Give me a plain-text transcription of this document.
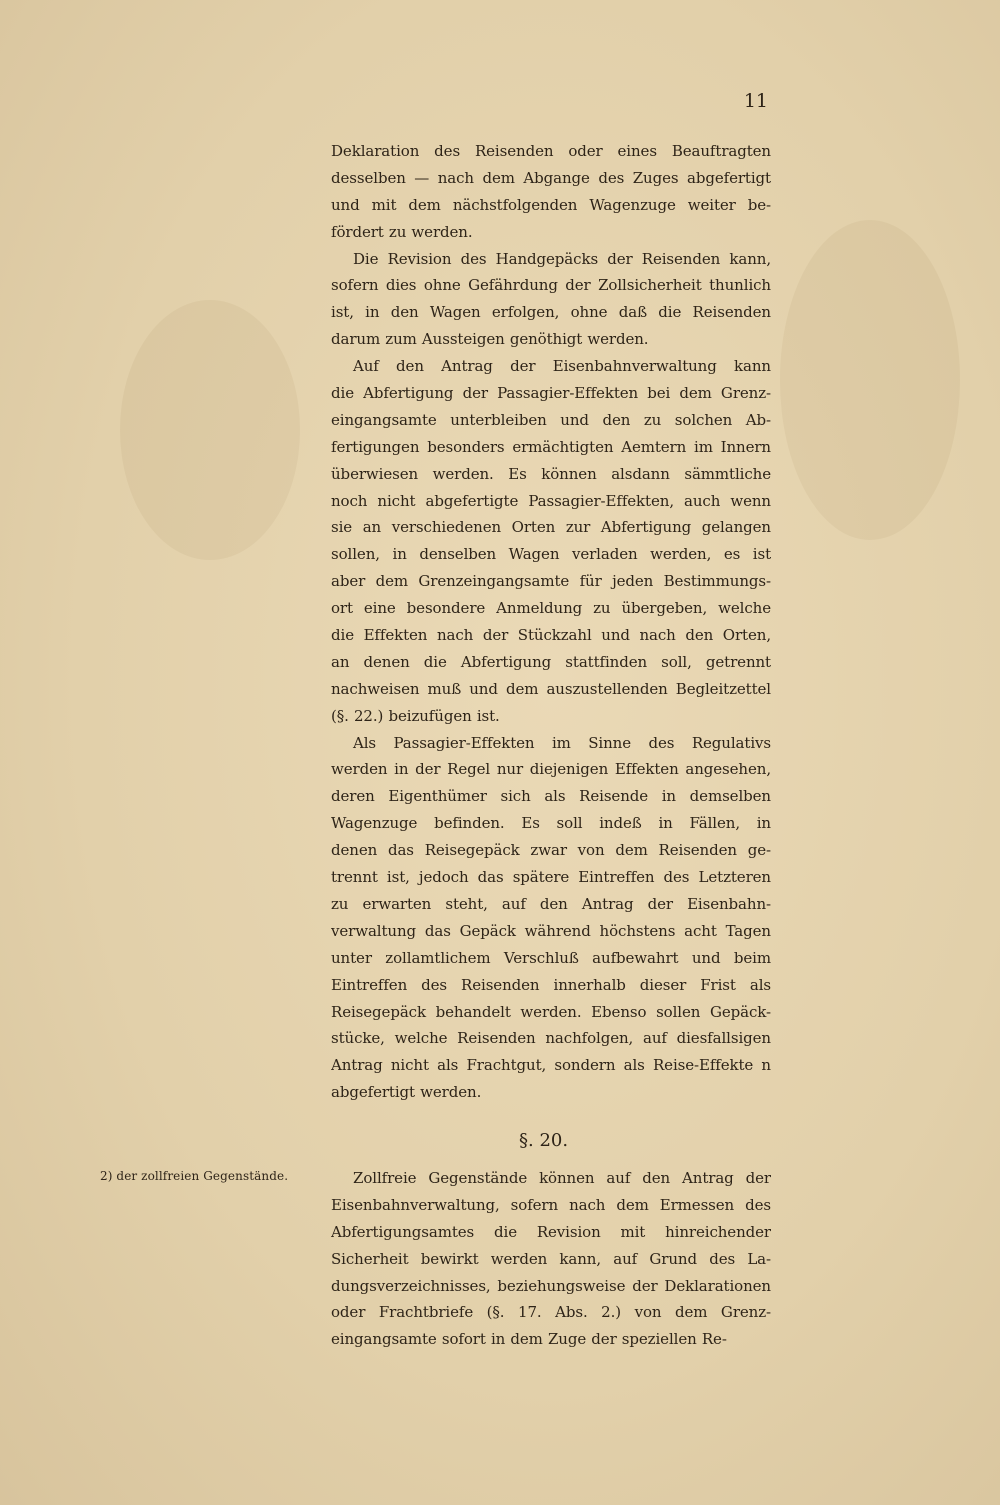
11
Deklaration des Reisenden oder eines Beauftragten
desselben — nach dem Abgange des Zuges abgefertigt
und mit dem nächstfolgenden Wagenzuge weiter be-
fördert zu werden.
Die Revision des Handgepäcks der Reisenden kann,
sofern dies ohne Gefährdung der Zollsicherheit thunlich
ist, in den Wagen erfolgen, ohne daß die Reisenden
darum zum Aussteigen genöthigt werden.
Auf den Antrag der Eisenbahnverwaltung kann
die Abfertigung der Passagier-Effekten bei dem Grenz-
eingangsamte unterbleiben und den zu solchen Ab-
fertigungen besonders ermächtigten Aemtern im Innern
überwiesen werden. Es können alsdann sämmtliche
noch nicht abgefertigte Passagier-Effekten, auch wenn
sie an verschiedenen Orten zur Abfertigung gelangen
sollen, in denselben Wagen verladen werden, es ist
aber dem Grenzeingangsamte für jeden Bestimmungs-
ort eine besondere Anmeldung zu übergeben, welche
die Effekten nach der Stückzahl und nach den Orten,
an denen die Abfertigung stattfinden soll, getrennt
nachweisen muß und dem auszustellenden Begleitzettel
(§. 22.) beizufügen ist.
Als Passagier-Effekten im Sinne des Regulativs
werden in der Regel nur diejenigen Effekten angesehen,
deren Eigenthümer sich als Reisende in demselben
Wagenzuge befinden. Es soll indeß in Fällen, in
denen das Reisegepäck zwar von dem Reisenden ge-
trennt ist, jedoch das spätere Eintreffen des Letzteren
zu erwarten steht, auf den Antrag der Eisenbahn-
verwaltung das Gepäck während höchstens acht Tagen
unter zollamtlichem Verschluß aufbewahrt und beim
Eintreffen des Reisenden innerhalb dieser Frist als
Reisegepäck behandelt werden. Ebenso sollen Gepäck-
stücke, welche Reisenden nachfolgen, auf diesfallsigen
Antrag nicht als Frachtgut, sondern als Reise-Effekte n
abgefertigt werden.
§. 20.
2) der zollfreien Gegenstände.	Zollfreie Gegenstände können auf den Antrag der
Eisenbahnverwaltung, sofern nach dem Ermessen des
Abfertigungsamtes die Revision mit hinreichender
Sicherheit bewirkt werden kann, auf Grund des La-
dungsverzeichnisses, beziehungsweise der Deklarationen
oder Frachtbriefe (§. 17. Abs. 2.) von dem Grenz-
eingangsamte sofort in dem Zuge der speziellen Re-
